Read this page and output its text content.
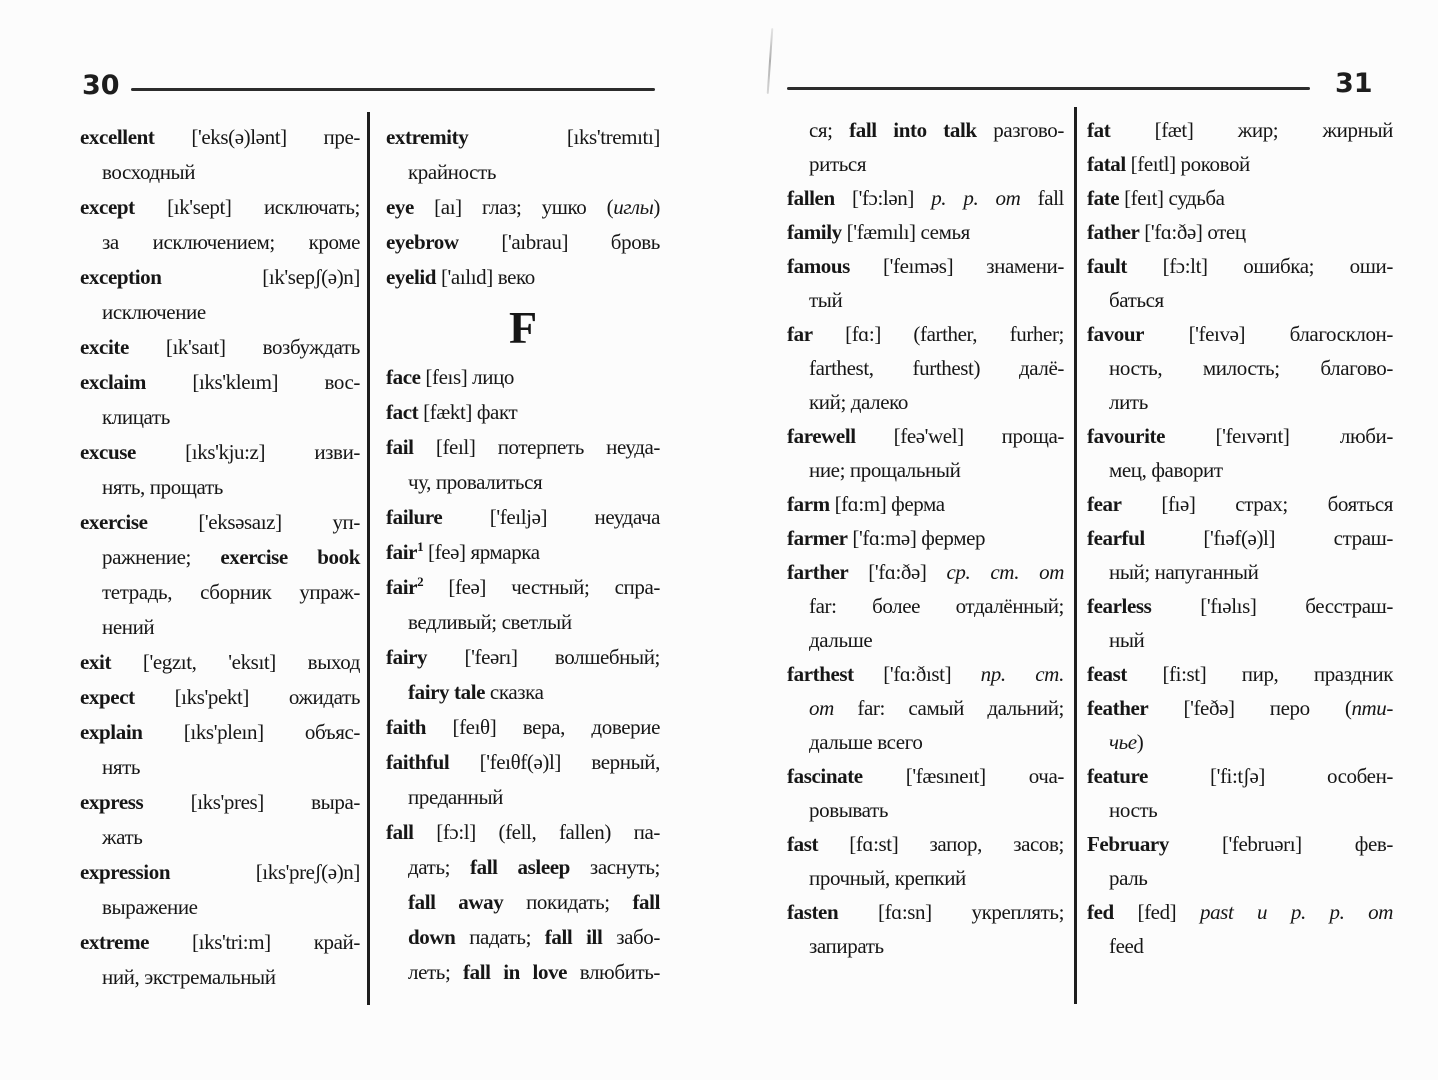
30	31
excellent ['eks(ə)lənt] пре-
восходный
except [ık'sept] исключать;
за исключением; кроме
exception [ık'sepʃ(ə)n]
исключение
excite [ık'saıt] возбуждать
exclaim [ıks'kleım] вос-
клицать
excuse [ıks'kju:z] изви-
нять, прощать
exercise ['eksəsaız] уп-
ражнение; exercise book
тетрадь, сборник упраж-
нений
exit ['egzıt, 'eksıt] выход
expect [ıks'pekt] ожидать
explain [ıks'pleın] объяс-
нять
express [ıks'pres] выра-
жать
expression [ıks'preʃ(ə)n]
выражение
extreme [ıks'tri:m] край-
ний, экстремальный
extremity [ıks'tremıtı]
крайность
eye [aı] глаз; ушко (иглы)
eyebrow ['aıbrau] бровь
eyelid ['aılıd] веко
F
face [feıs] лицо
fact [fækt] факт
fail [feıl] потерпеть неуда-
чу, провалиться
failure ['feıljə] неудача
fair$^1$ [feə] ярмарка
fair$^2$ [feə] честный; спра-
ведливый; светлый
fairy ['feərı] волшебный;
fairy tale сказка
faith [feıθ] вера, доверие
faithful ['feıθf(ə)l] верный,
преданный
fall [fɔ:l] (fell, fallen) па-
дать; fall asleep заснуть;
fall away покидать; fall
down падать; fall ill забо-
леть; fall in love влюбить-
ся; fall into talk разгово-
риться
fallen ['fɔ:lən] p. p. от fall
family ['fæmılı] семья
famous ['feıməs] знамени-
тый
far [fɑ:] (farther, furher;
farthest, furthest) далё-
кий; далеко
farewell [feə'wel] проща-
ние; прощальный
farm [fɑ:m] ферма
farmer ['fɑ:mə] фермер
farther ['fɑ:ðə] ср. ст. от
far: более отдалённый;
дальше
farthest ['fɑ:ðıst] пр. ст.
от far: самый дальний;
дальше всего
fascinate ['fæsıneıt] оча-
ровывать
fast [fɑ:st] запор, засов;
прочный, крепкий
fasten [fɑ:sn] укреплять;
запирать
fat [fæt] жир; жирный
fatal [feıtl] роковой
fate [feıt] судьба
father ['fɑ:ðə] отец
fault [fɔ:lt] ошибка; оши-
баться
favour ['feıvə] благосклон-
ность, милость; благово-
лить
favourite ['feıvərıt] люби-
мец, фаворит
fear [fıə] страх; бояться
fearful ['fıəf(ə)l] страш-
ный; напуганный
fearless ['fıəlıs] бесстраш-
ный
feast [fi:st] пир, праздник
feather ['feðə] перо (пти-
чье)
feature ['fi:tʃə] особен-
ность
February ['februərı] фев-
раль
fed [fed] past и p. p. от
feed
